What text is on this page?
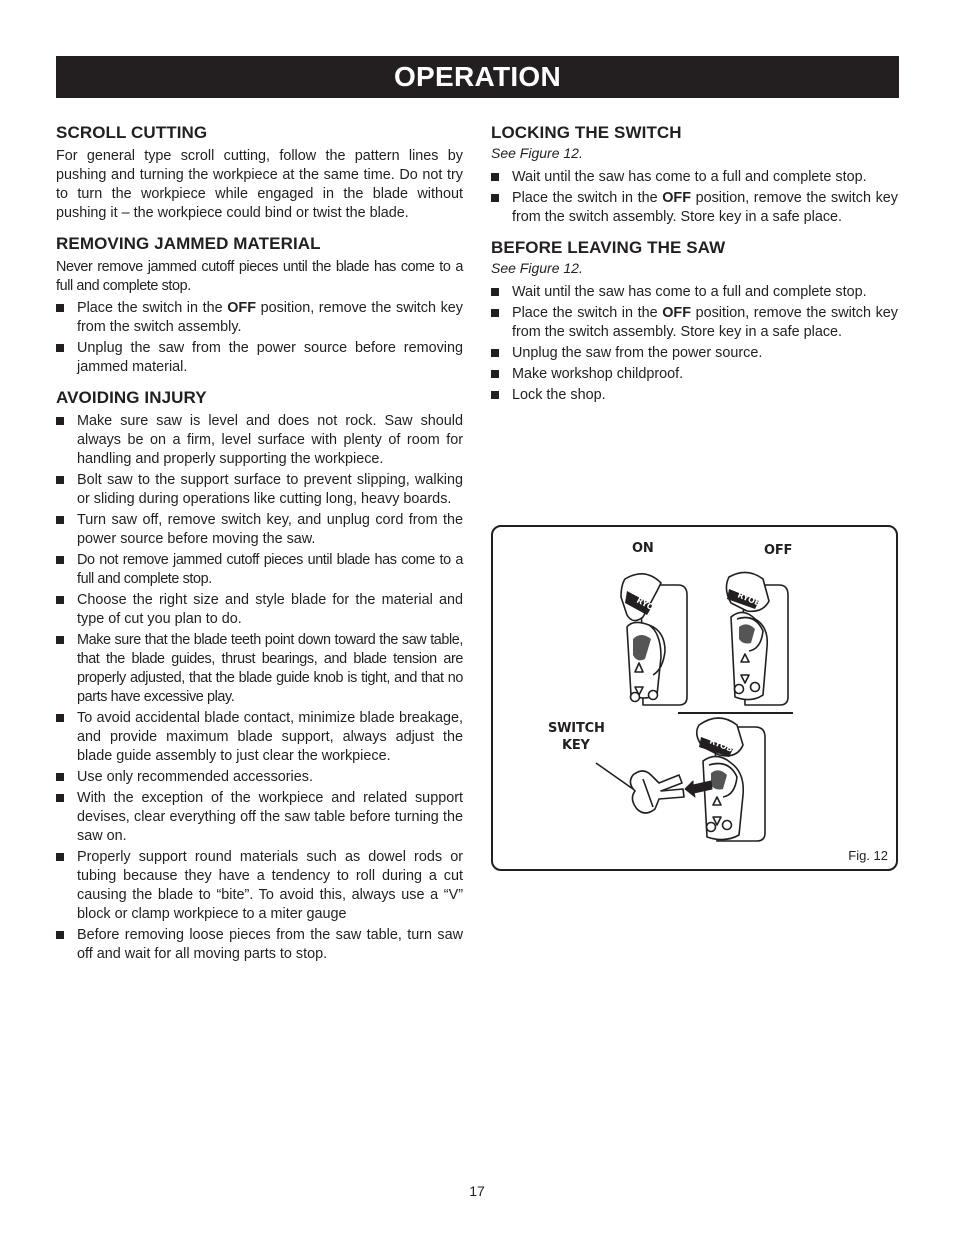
OPERATION
SCROLL CUTTING

For general type scroll cutting, follow the pattern lines by pushing and turning the workpiece at the same time. Do not try to turn the workpiece while engaged in the blade without pushing it – the workpiece could bind or twist the blade.

REMOVING JAMMED MATERIAL

Never remove jammed cutoff pieces until the blade has come to a full and complete stop.

Place the switch in the OFF position, remove the switch key from the switch assembly.
Unplug the saw from the power source before removing jammed material.
AVOIDING INJURY
Make sure saw is level and does not rock. Saw should always be on a firm, level surface with plenty of room for handling and properly supporting the workpiece.
Bolt saw to the support surface to prevent slipping, walking or sliding during operations like cutting long, heavy boards.
Turn saw off, remove switch key, and unplug cord from the power source before moving the saw.
Do not remove jammed cutoff pieces until blade has come to a full and complete stop.
Choose the right size and style blade for the material and type of cut you plan to do.
Make sure that the blade teeth point down toward the saw table, that the blade guides, thrust bearings, and blade tension are properly adjusted, that the blade guide knob is tight, and that no parts have excessive play.
To avoid accidental blade contact, minimize blade breakage, and provide maximum blade support, always adjust the blade guide assembly to just clear the workpiece.
Use only recommended accessories.
With the exception of the workpiece and related support devises, clear everything off the saw table before turning the saw on.
Properly support round materials such as dowel rods or tubing because they have a tendency to roll during a cut causing the blade to “bite”. To avoid this, always use a “V” block or clamp workpiece to a miter gauge
Before removing loose pieces from the saw table, turn saw off and wait for all moving parts to stop.
LOCKING THE SWITCH

See Figure 12.

Wait until the saw has come to a full and complete stop.
Place the switch in the OFF position, remove the switch key from the switch assembly. Store key in a safe place.
BEFORE LEAVING THE SAW

See Figure 12.

Wait until the saw has come to a full and complete stop.
Place the switch in the OFF position, remove the switch key from the switch assembly. Store key in a safe place.
Unplug the saw from the power source.
Make workshop childproof.
Lock the shop.
RYOBI	RYOBI
RYOBI
ON	OFF
SWITCH
KEY
Fig. 12
17
